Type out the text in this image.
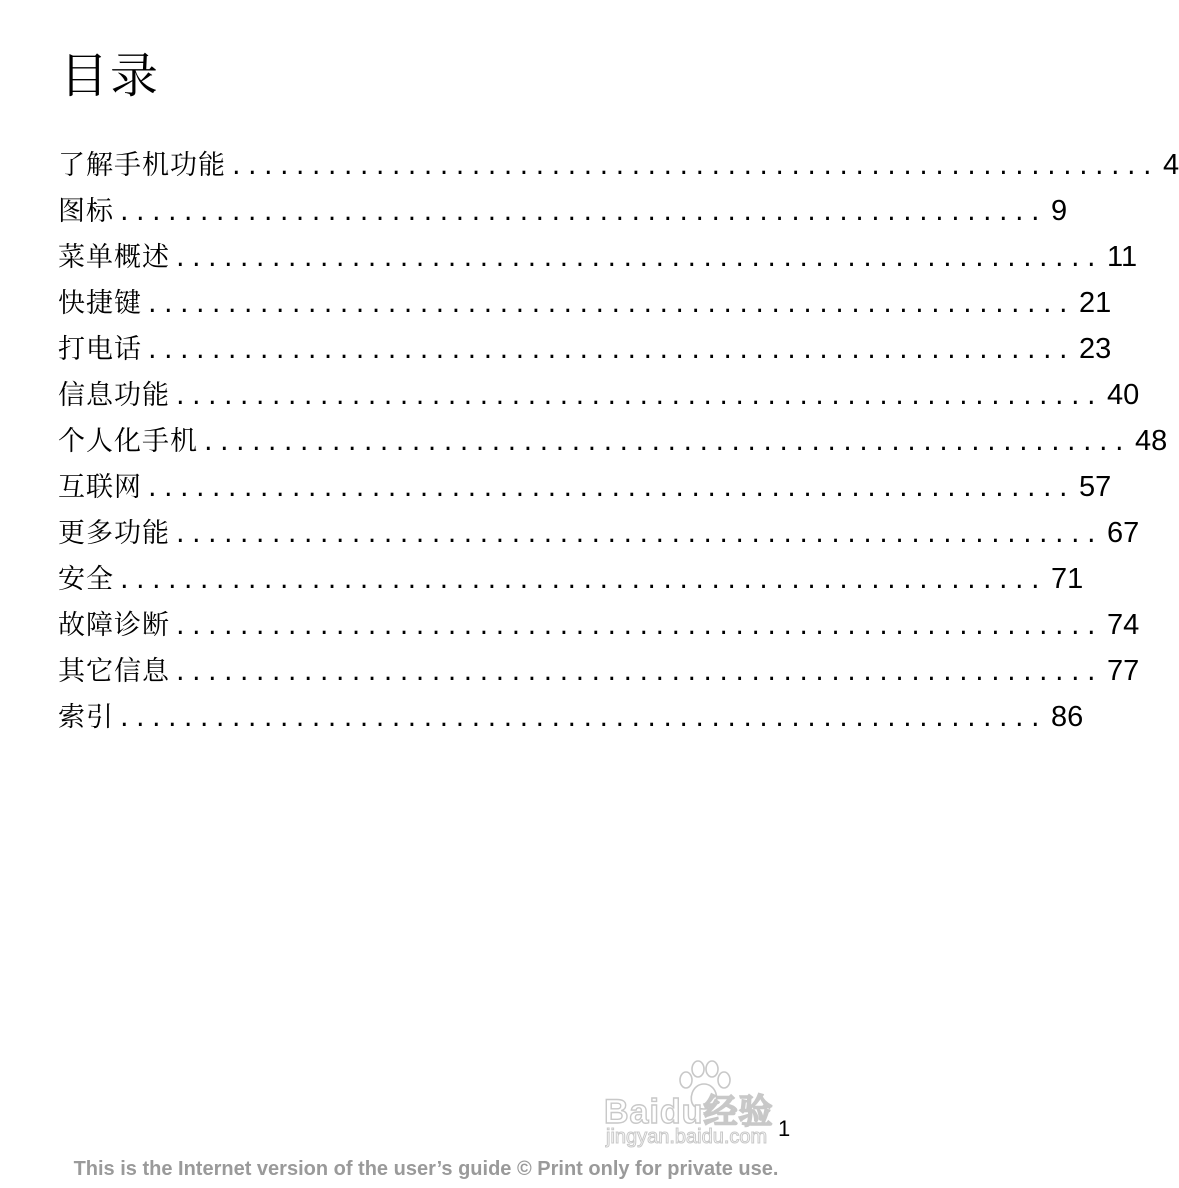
目录
了解手机功能 .......................................................... 4
图标 .......................................................... 9
菜单概述 .......................................................... 11
快捷键 .......................................................... 21
打电话 .......................................................... 23
信息功能 .......................................................... 40
个人化手机 .......................................................... 48
互联网 .......................................................... 57
更多功能 .......................................................... 67
安全 .......................................................... 71
故障诊断 .......................................................... 74
其它信息 .......................................................... 77
索引 .......................................................... 86
Baidu经验
jingyan.baidu.com 1
This is the Internet version of the user’s guide © Print only for private use.
